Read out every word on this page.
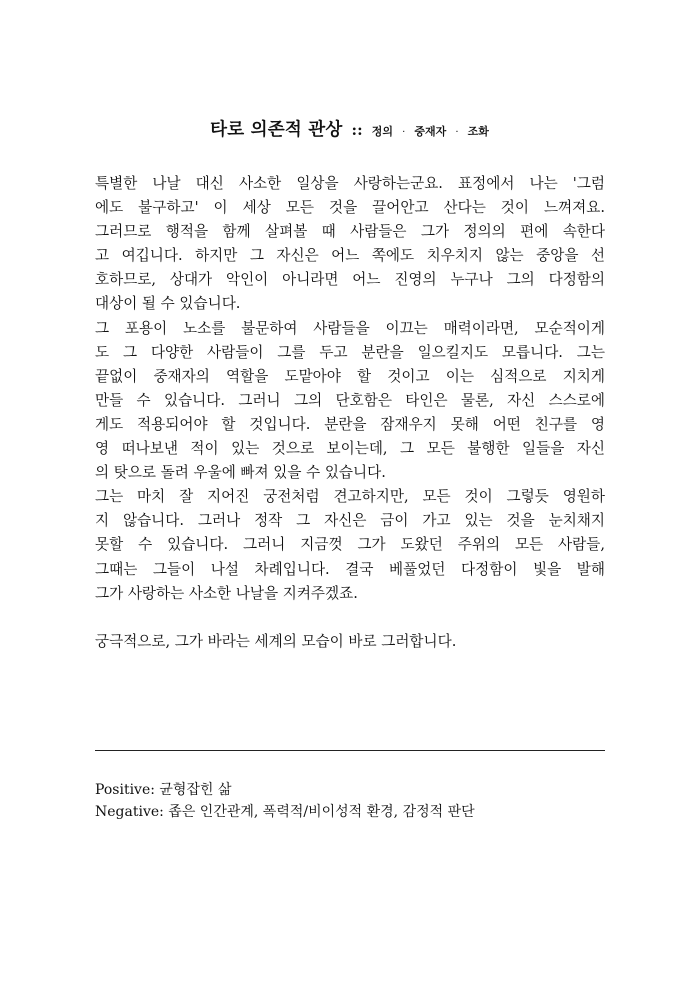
타로 의존적 관상 :: 정의 · 중재자 · 조화
특별한 나날 대신 사소한 일상을 사랑하는군요. 표정에서 나는 '그럼
에도 불구하고' 이 세상 모든 것을 끌어안고 산다는 것이 느껴져요.
그러므로 행적을 함께 살펴볼 때 사람들은 그가 정의의 편에 속한다
고 여깁니다. 하지만 그 자신은 어느 쪽에도 치우치지 않는 중앙을 선
호하므로, 상대가 악인이 아니라면 어느 진영의 누구나 그의 다정함의
대상이 될 수 있습니다.
그 포용이 노소를 불문하여 사람들을 이끄는 매력이라면, 모순적이게
도 그 다양한 사람들이 그를 두고 분란을 일으킬지도 모릅니다. 그는
끝없이 중재자의 역할을 도맡아야 할 것이고 이는 심적으로 지치게
만들 수 있습니다. 그러니 그의 단호함은 타인은 물론, 자신 스스로에
게도 적용되어야 할 것입니다. 분란을 잠재우지 못해 어떤 친구를 영
영 떠나보낸 적이 있는 것으로 보이는데, 그 모든 불행한 일들을 자신
의 탓으로 돌려 우울에 빠져 있을 수 있습니다.
그는 마치 잘 지어진 궁전처럼 견고하지만, 모든 것이 그렇듯 영원하
지 않습니다. 그러나 정작 그 자신은 금이 가고 있는 것을 눈치채지
못할 수 있습니다. 그러니 지금껏 그가 도왔던 주위의 모든 사람들,
그때는 그들이 나설 차례입니다. 결국 베풀었던 다정함이 빛을 발해
그가 사랑하는 사소한 나날을 지켜주겠죠.
궁극적으로, 그가 바라는 세계의 모습이 바로 그러합니다.
Positive: 균형잡힌 삶
Negative: 좁은 인간관계, 폭력적/비이성적 환경, 감정적 판단
